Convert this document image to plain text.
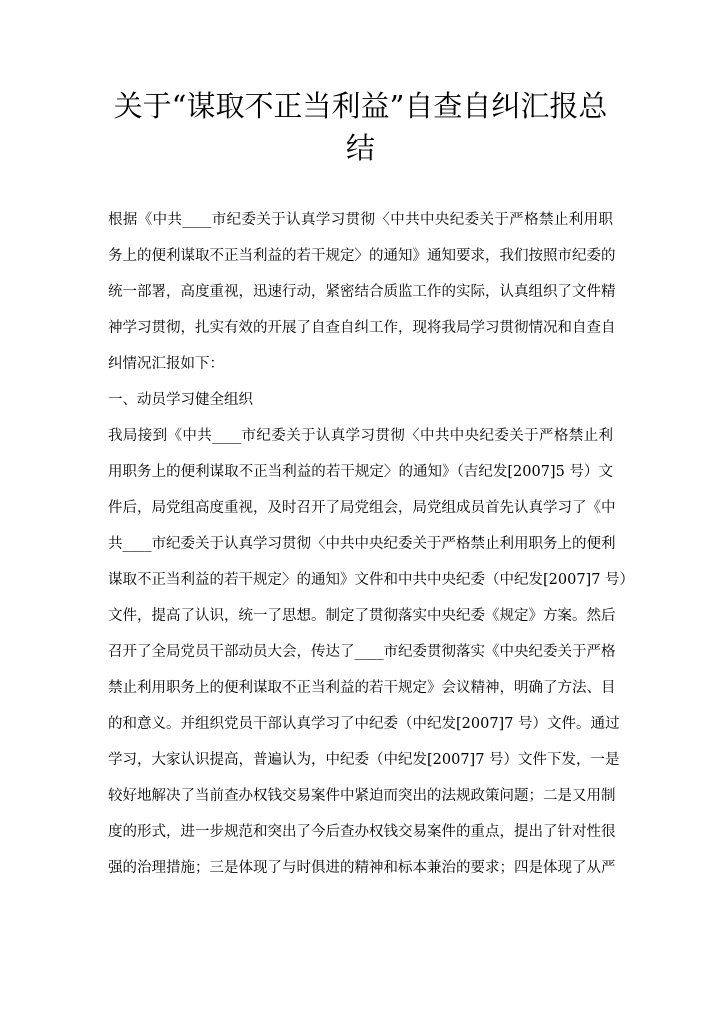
关于“谋取不正当利益”自查自纠汇报总
结

根据《中共____市纪委关于认真学习贯彻〈中共中央纪委关于严格禁止利用职

务上的便利谋取不正当利益的若干规定〉的通知》通知要求，我们按照市纪委的

统一部署，高度重视，迅速行动，紧密结合质监工作的实际，认真组织了文件精

神学习贯彻，扎实有效的开展了自查自纠工作，现将我局学习贯彻情况和自查自

纠情况汇报如下：

一、动员学习健全组织

我局接到《中共____市纪委关于认真学习贯彻〈中共中央纪委关于严格禁止利

用职务上的便利谋取不正当利益的若干规定〉的通知》（吉纪发[2007]5 号）文

件后，局党组高度重视，及时召开了局党组会，局党组成员首先认真学习了《中

共____市纪委关于认真学习贯彻〈中共中央纪委关于严格禁止利用职务上的便利

谋取不正当利益的若干规定〉的通知》文件和中共中央纪委（中纪发[2007]7 号）

文件，提高了认识，统一了思想。制定了贯彻落实中央纪委《规定》方案。然后

召开了全局党员干部动员大会，传达了____市纪委贯彻落实《中央纪委关于严格

禁止利用职务上的便利谋取不正当利益的若干规定》会议精神，明确了方法、目

的和意义。并组织党员干部认真学习了中纪委（中纪发[2007]7 号）文件。通过

学习，大家认识提高，普遍认为，中纪委（中纪发[2007]7 号）文件下发，一是

较好地解决了当前查办权钱交易案件中紧迫而突出的法规政策问题；二是又用制

度的形式，进一步规范和突出了今后查办权钱交易案件的重点，提出了针对性很

强的治理措施；三是体现了与时俱进的精神和标本兼治的要求；四是体现了从严
